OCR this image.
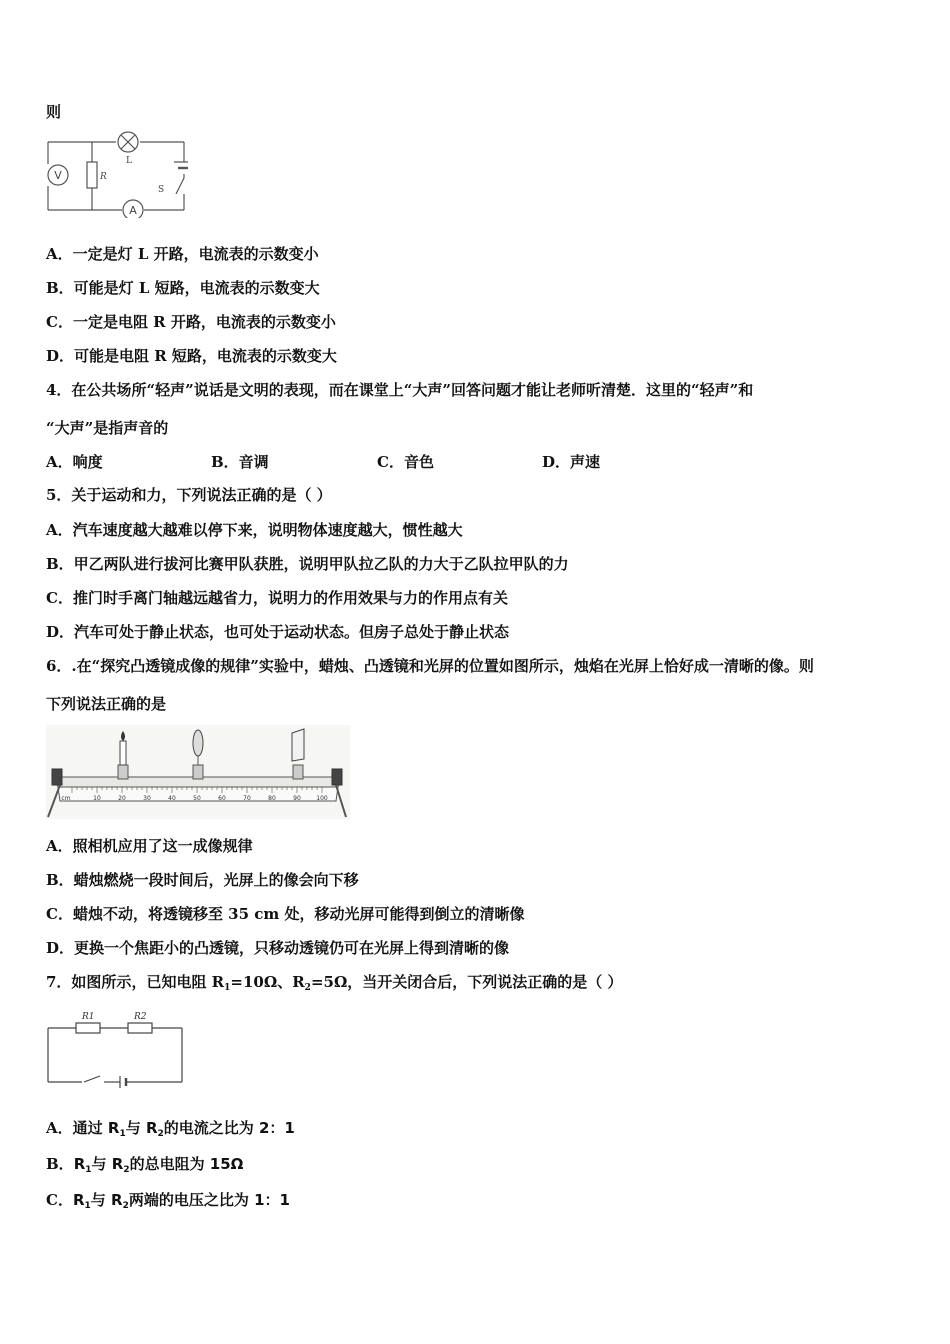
则
V
A
R
L
S
A．一定是灯 L 开路，电流表的示数变小
B．可能是灯 L 短路，电流表的示数变大
C．一定是电阻 R 开路，电流表的示数变小
D．可能是电阻 R 短路，电流表的示数变大
4．在公共场所“轻声”说话是文明的表现，而在课堂上“大声”回答问题才能让老师听清楚．这里的“轻声”和
“大声”是指声音的
A．响度	B．音调	C．音色	D．声速
5．关于运动和力，下列说法正确的是（ ）
A．汽车速度越大越难以停下来，说明物体速度越大，惯性越大
B．甲乙两队进行拔河比赛甲队获胜，说明甲队拉乙队的力大于乙队拉甲队的力
C．推门时手离门轴越远越省力，说明力的作用效果与力的作用点有关
D．汽车可处于静止状态，也可处于运动状态。但房子总处于静止状态
6．.在“探究凸透镜成像的规律”实验中，蜡烛、凸透镜和光屏的位置如图所示，烛焰在光屏上恰好成一清晰的像。则
下列说法正确的是
cm	10	20	30	40	50	60	70	80	90	100
A．照相机应用了这一成像规律
B．蜡烛燃烧一段时间后，光屏上的像会向下移
C．蜡烛不动，将透镜移至 35 cm 处，移动光屏可能得到倒立的清晰像
D．更换一个焦距小的凸透镜，只移动透镜仍可在光屏上得到清晰的像
7．如图所示，已知电阻 $R_1=10\Omega$、$R_2=5\Omega$，当开关闭合后，下列说法正确的是（ ）
R1	R2
A．通过 $R_1$与 $R_2$的电流之比为 2：1
B．$R_1$与 $R_2$的总电阻为 15Ω
C．$R_1$与 $R_2$两端的电压之比为 1：1
